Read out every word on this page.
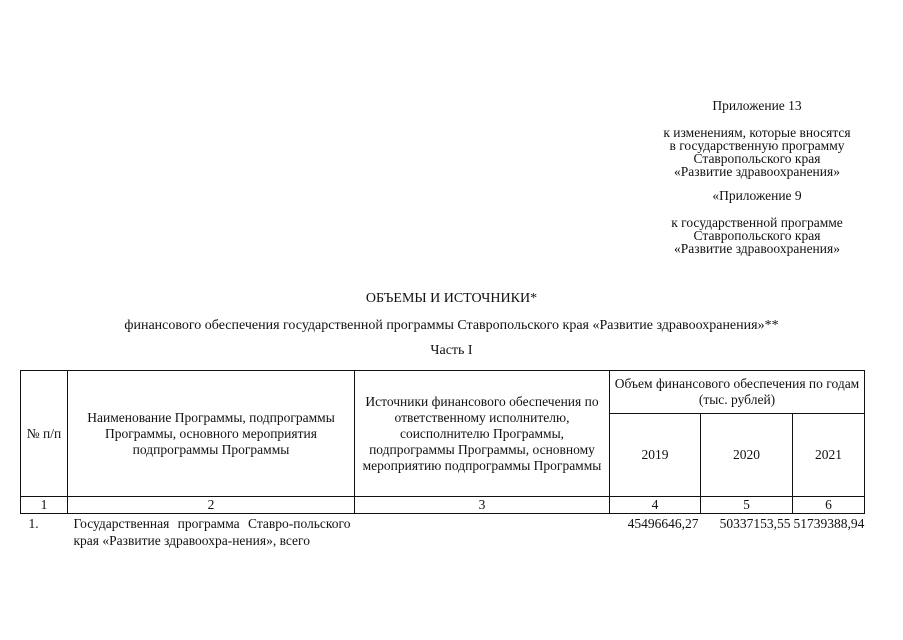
Приложение 13
к изменениям, которые вносятся
в государственную программу
Ставропольского края
«Развитие здравоохранения»
«Приложение 9
к государственной программе
Ставропольского края
«Развитие здравоохранения»
ОБЪЕМЫ И ИСТОЧНИКИ*
финансового обеспечения государственной программы Ставропольского края «Развитие здравоохранения»**
Часть I
№ п/п	Наименование Программы, подпрограммы Программы, основного мероприятия подпрограммы Программы	Источники финансового обеспечения по ответственному исполнителю, соисполнителю Программы, подпрограммы Программы, основному мероприятию подпрограммы Программы	Объем финансового обеспечения по годам (тыс. рублей)		
			2019	2020	2021
1	2	3	4	5	6
1.	Государственная программа Ставро-польского края «Развитие здравоохра-нения», всего		45496646,27	50337153,55	51739388,94
